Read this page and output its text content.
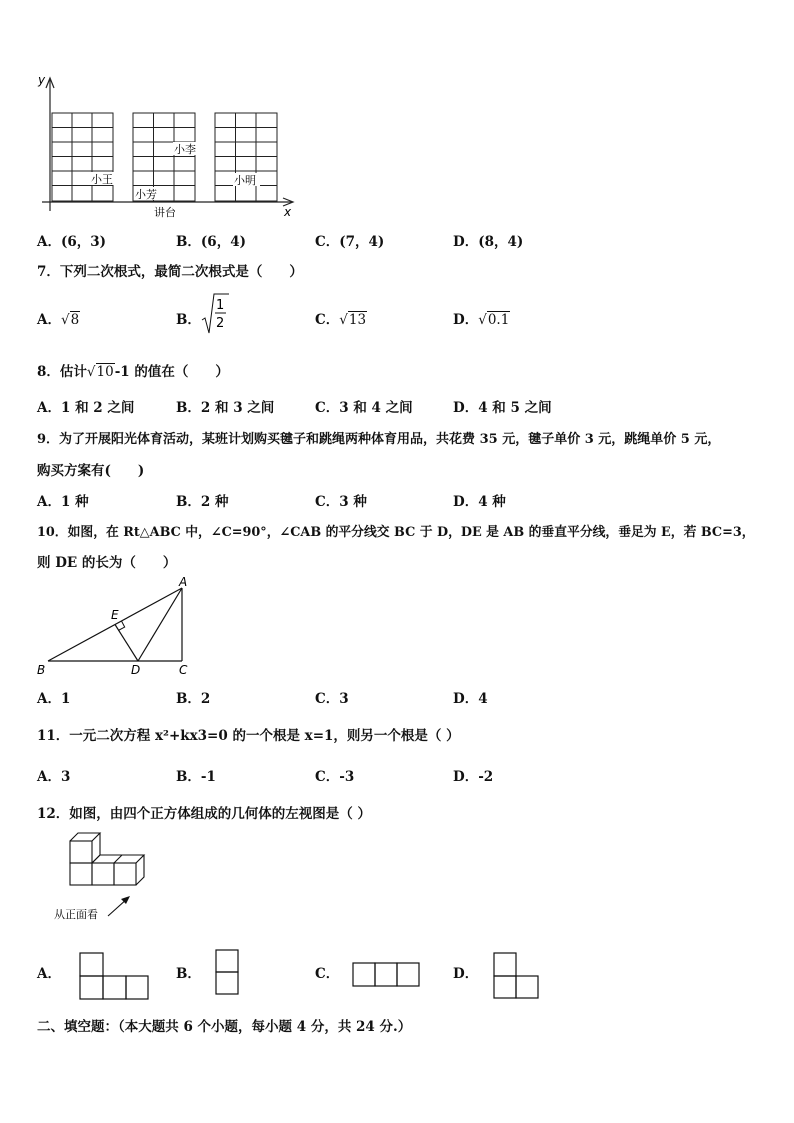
y
x
小王
小李
小芳
小明
讲台
A．(6，3)	B．(6，4)	C．(7，4)	D．(8，4)
7．下列二次根式，最简二次根式是（　　）
A．√8	B．
1
2	C．√13	D．√0.1
8．估计√10-1 的值在（　　）
A．1 和 2 之间	B．2 和 3 之间	C．3 和 4 之间	D．4 和 5 之间
9．为了开展阳光体育活动，某班计划购买毽子和跳绳两种体育用品，共花费 35 元，毽子单价 3 元，跳绳单价 5 元，
购买方案有(　　)
A．1 种	B．2 种	C．3 种	D．4 种
10．如图，在 Rt△ABC 中，∠C=90°，∠CAB 的平分线交 BC 于 D，DE 是 AB 的垂直平分线，垂足为 E，若 BC=3，
则 DE 的长为（　　）
A
B	C
D
E
A．1	B．2	C．3	D．4
11．一元二次方程 x²+kx3=0 的一个根是 x=1，则另一个根是（ ）
A．3	B．-1	C．-3	D．-2
12．如图，由四个正方体组成的几何体的左视图是（ ）
从正面看
A．	B．	C．	D．
二、填空题：（本大题共 6 个小题，每小题 4 分，共 24 分.）
